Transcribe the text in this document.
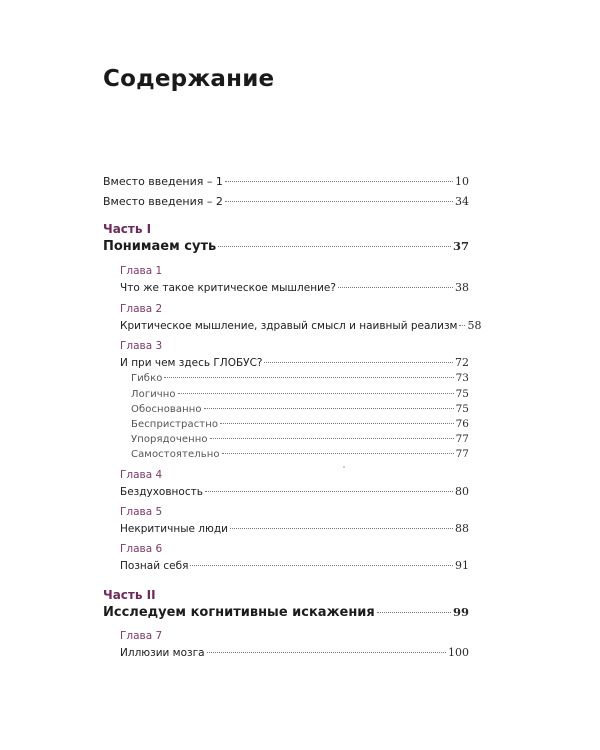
Содержание
Вместо введения – 1	10
Вместо введения – 2	34
Часть I
Понимаем суть	37
Глава 1
Что же такое критическое мышление?	38
Глава 2
Критическое мышление, здравый смысл и наивный реализм 58
Глава 3
И при чем здесь ГЛОБУС?	72
Гибко	73
Логично	75
Обоснованно	75
Беспристрастно	76
Упорядоченно	77
Самостоятельно	77
Глава 4
Бездуховность	80
Глава 5
Некритичные люди	88
Глава 6
Познай себя	91
Часть II
Исследуем когнитивные искажения	99
Глава 7
Иллюзии мозга	100
